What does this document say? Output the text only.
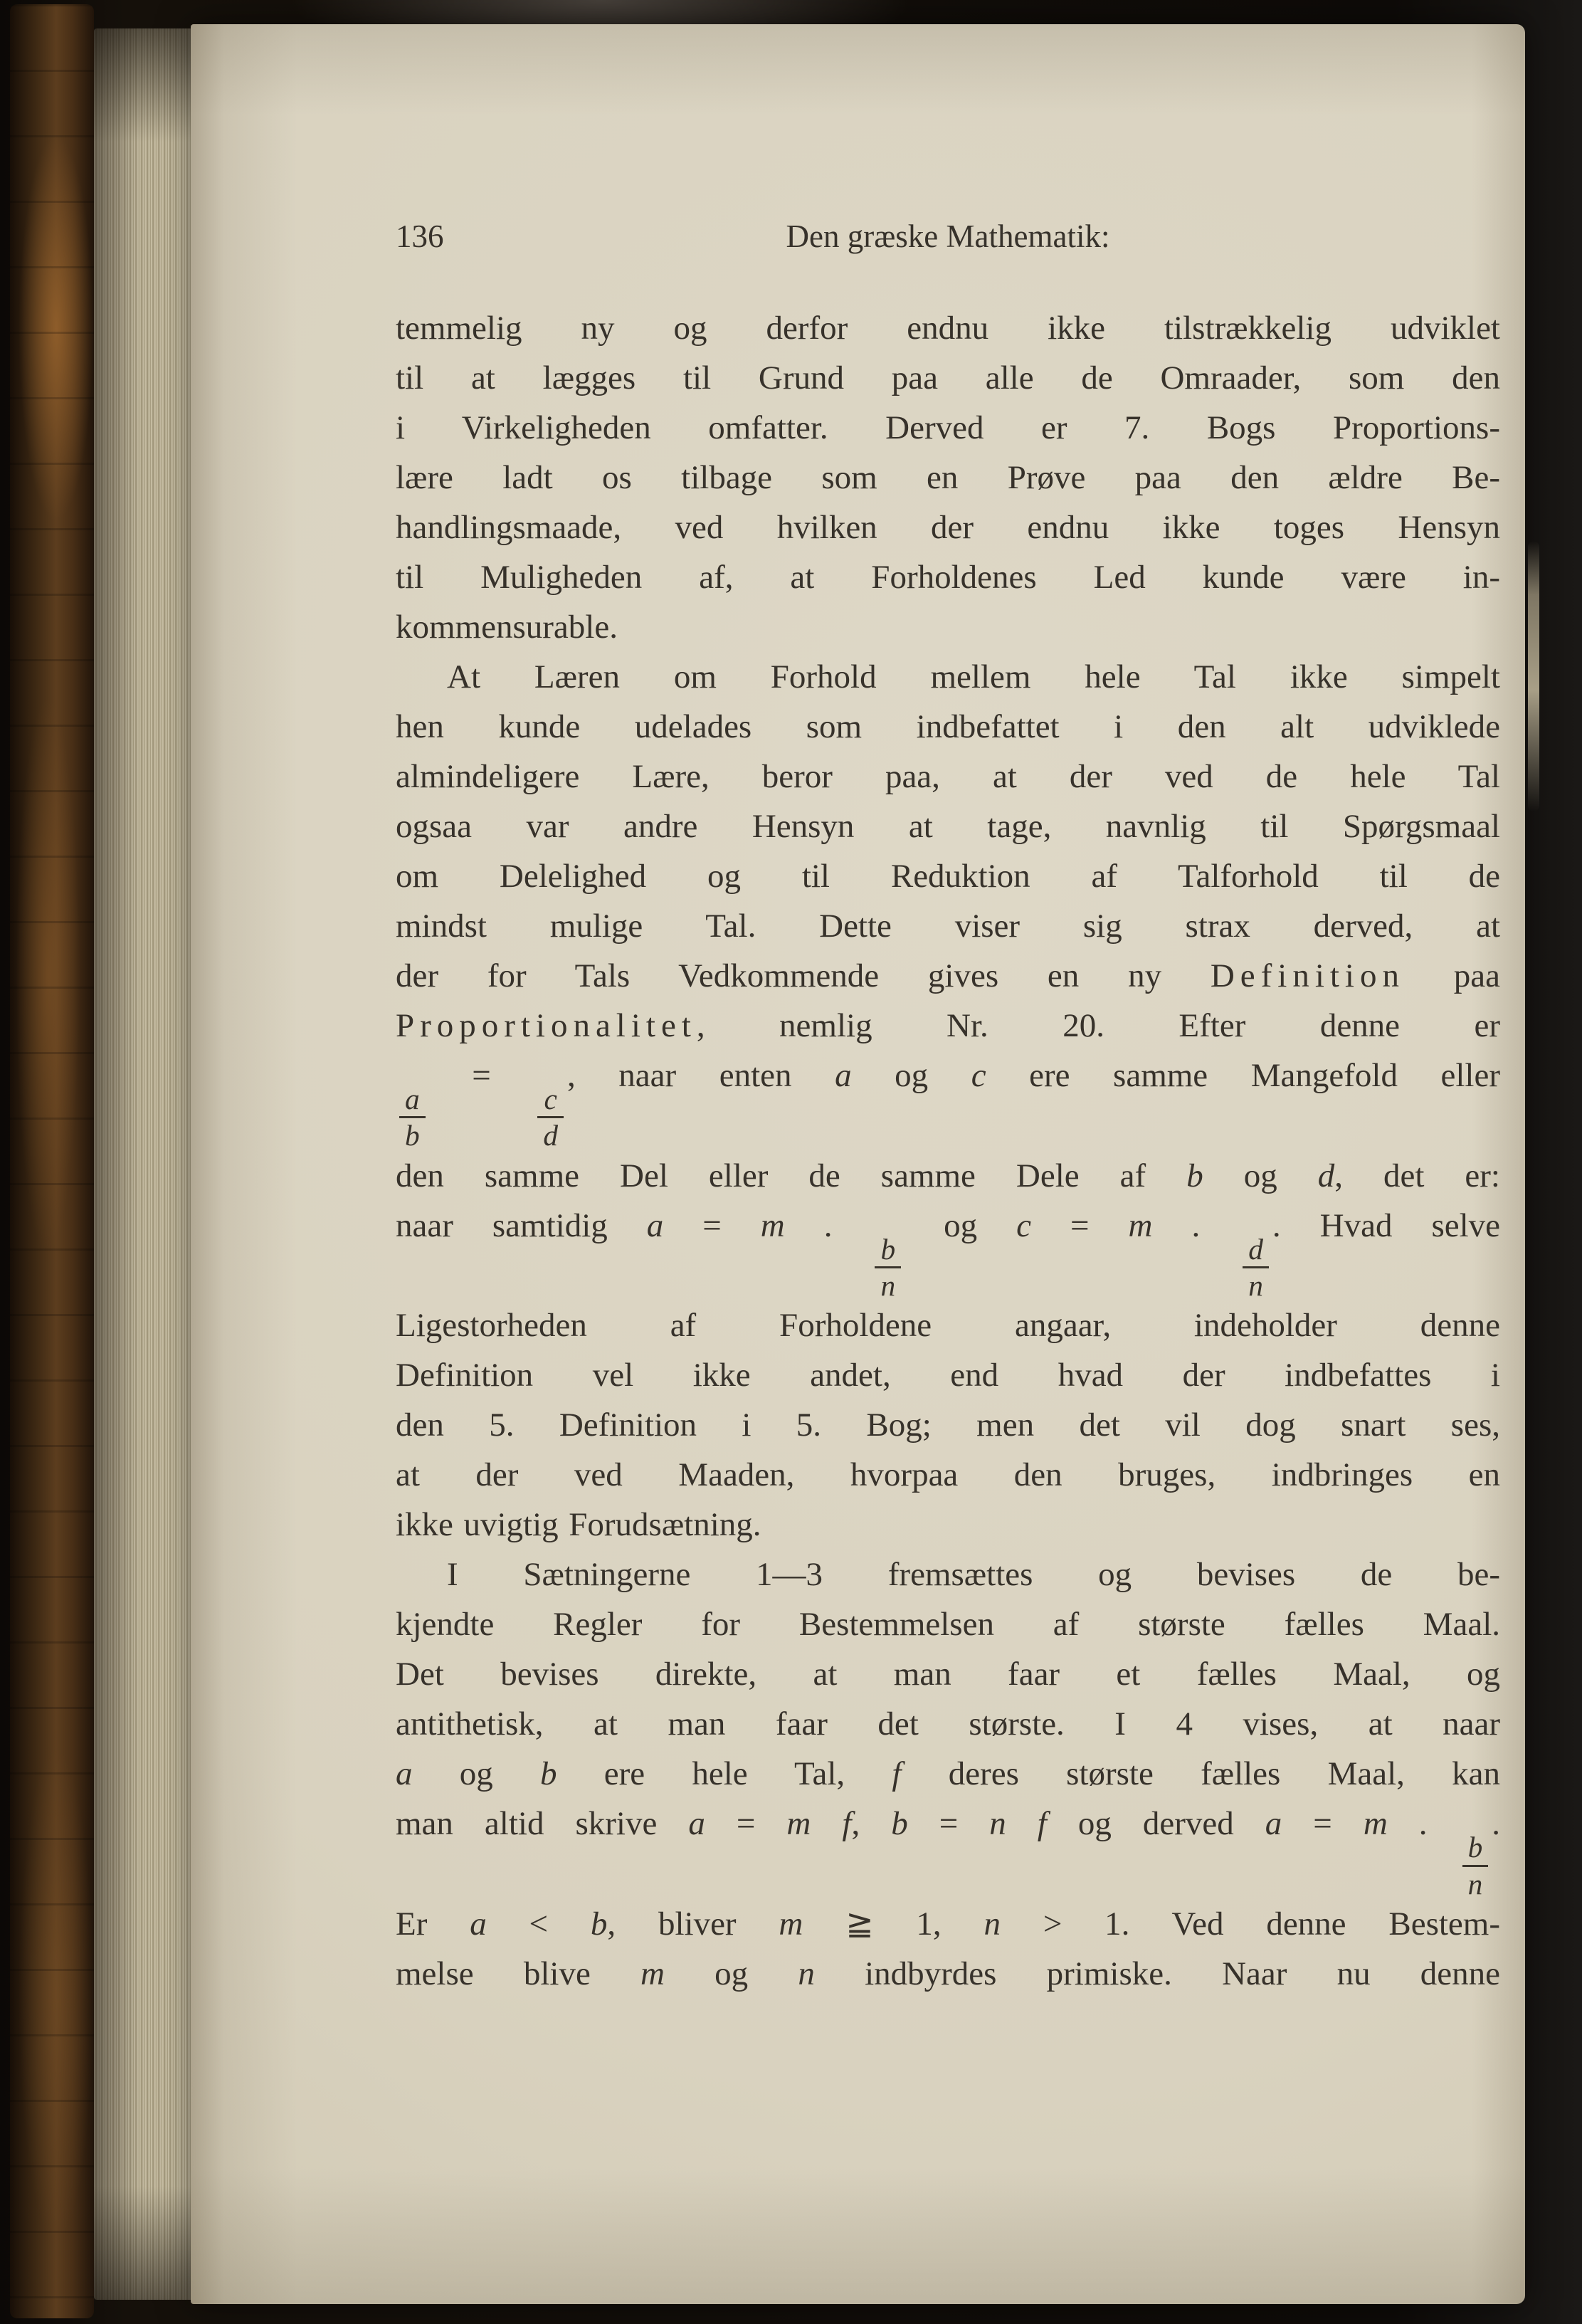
136	Den græske Mathematik:
temmelig ny og derfor endnu ikke tilstrækkelig udviklet
til at lægges til Grund paa alle de Omraader, som den
i Virkeligheden omfatter. Derved er 7. Bogs Proportions-
lære ladt os tilbage som en Prøve paa den ældre Be-
handlingsmaade, ved hvilken der endnu ikke toges Hensyn
til Muligheden af, at Forholdenes Led kunde være in-
kommensurable.
At Læren om Forhold mellem hele Tal ikke simpelt
hen kunde udelades som indbefattet i den alt udviklede
almindeligere Lære, beror paa, at der ved de hele Tal
ogsaa var andre Hensyn at tage, navnlig til Spørgsmaal
om Delelighed og til Reduktion af Talforhold til de
mindst mulige Tal. Dette viser sig strax derved, at
der for Tals Vedkommende gives en ny Definition paa
Proportionalitet, nemlig Nr. 20. Efter denne er
$\frac{a}{b}$
=
$\frac{c}{d}$
, naar enten a og c ere samme Mangefold eller
den samme Del eller de samme Dele af b og d, det er:
naar samtidig a = m .
$\frac{b}{n}$
og c = m .
$\frac{d}{n}$
. Hvad selve
Ligestorheden af Forholdene angaar, indeholder denne
Definition vel ikke andet, end hvad der indbefattes i
den 5. Definition i 5. Bog; men det vil dog snart ses,
at der ved Maaden, hvorpaa den bruges, indbringes en
ikke uvigtig Forudsætning.
I Sætningerne 1—3 fremsættes og bevises de be-
kjendte Regler for Bestemmelsen af største fælles Maal.
Det bevises direkte, at man faar et fælles Maal, og
antithetisk, at man faar det største. I 4 vises, at naar
a og b ere hele Tal, f deres største fælles Maal, kan
man altid skrive a = m f, b = n f og derved a = m .
$\frac{b}{n}$
.
Er a < b, bliver m ≧ 1, n > 1. Ved denne Bestem-
melse blive m og n indbyrdes primiske. Naar nu denne
